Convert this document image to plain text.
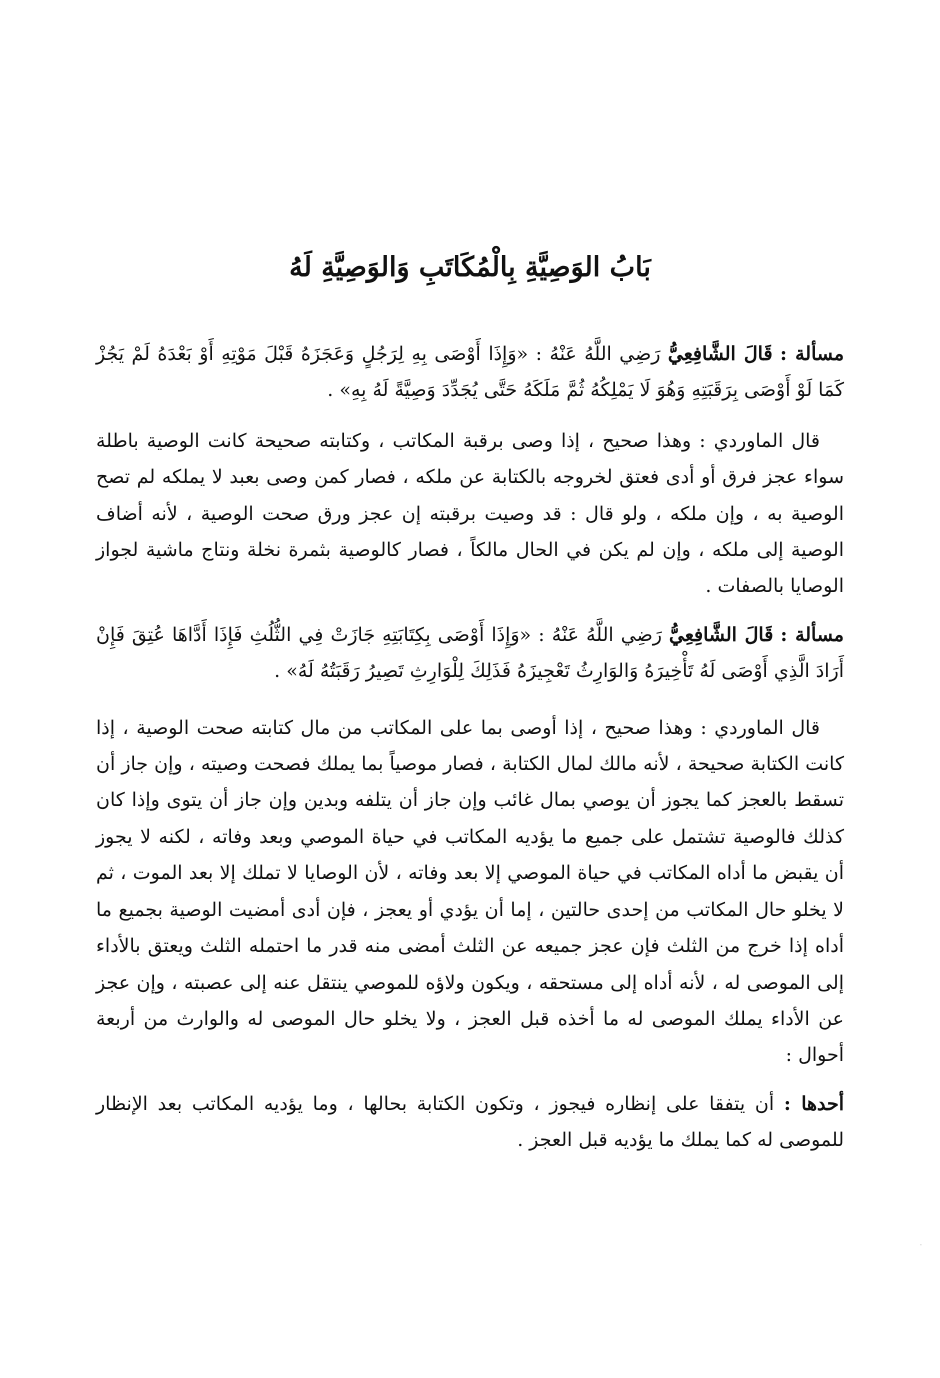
بَابُ الوَصِيَّةِ بِالْمُكَاتَبِ وَالوَصِيَّةِ لَهُ

مسألة : قَالَ الشَّافِعِيُّ رَضِي اللَّهُ عَنْهُ : «وَإِذَا أَوْصَى بِهِ لِرَجُلٍ وَعَجَزَهُ قَبْلَ مَوْتِهِ أَوْ بَعْدَهُ لَمْ يَجُزْ كَمَا لَوْ أَوْصَى بِرَقَبَتِهِ وَهُوَ لَا يَمْلِكُهُ ثُمَّ مَلَكَهُ حَتَّى يُجَدِّدَ وَصِيَّةً لَهُ بِهِ» .

قال الماوردي : وهذا صحيح ، إذا وصى برقبة المكاتب ، وكتابته صحيحة كانت الوصية باطلة سواء عجز فرق أو أدى فعتق لخروجه بالكتابة عن ملكه ، فصار كمن وصى بعبد لا يملكه لم تصح الوصية به ، وإن ملكه ، ولو قال : قد وصيت برقبته إن عجز ورق صحت الوصية ، لأنه أضاف الوصية إلى ملكه ، وإن لم يكن في الحال مالكاً ، فصار كالوصية بثمرة نخلة ونتاج ماشية لجواز الوصايا بالصفات .

مسألة : قَالَ الشَّافِعِيُّ رَضِي اللَّهُ عَنْهُ : «وَإِذَا أَوْصَى بِكِتَابَتِهِ جَازَتْ فِي الثُّلُثِ فَإِذَا أَدَّاهَا عُتِقَ فَإِنْ أَرَادَ الَّذِي أَوْصَى لَهُ تَأْخِيرَهُ وَالوَارِثُ تَعْجِيزَهُ فَذَلِكَ لِلْوَارِثِ تَصِيرُ رَقَبَتُهُ لَهُ» .

قال الماوردي : وهذا صحيح ، إذا أوصى بما على المكاتب من مال كتابته صحت الوصية ، إذا كانت الكتابة صحيحة ، لأنه مالك لمال الكتابة ، فصار موصياً بما يملك فصحت وصيته ، وإن جاز أن تسقط بالعجز كما يجوز أن يوصي بمال غائب وإن جاز أن يتلفه وبدين وإن جاز أن يتوى وإذا كان كذلك فالوصية تشتمل على جميع ما يؤديه المكاتب في حياة الموصي وبعد وفاته ، لكنه لا يجوز أن يقبض ما أداه المكاتب في حياة الموصي إلا بعد وفاته ، لأن الوصايا لا تملك إلا بعد الموت ، ثم لا يخلو حال المكاتب من إحدى حالتين ، إما أن يؤدي أو يعجز ، فإن أدى أمضيت الوصية بجميع ما أداه إذا خرج من الثلث فإن عجز جميعه عن الثلث أمضى منه قدر ما احتمله الثلث ويعتق بالأداء إلى الموصى له ، لأنه أداه إلى مستحقه ، ويكون ولاؤه للموصي ينتقل عنه إلى عصبته ، وإن عجز عن الأداء يملك الموصى له ما أخذه قبل العجز ، ولا يخلو حال الموصى له والوارث من أربعة أحوال :

أحدها : أن يتفقا على إنظاره فيجوز ، وتكون الكتابة بحالها ، وما يؤديه المكاتب بعد الإنظار للموصى له كما يملك ما يؤديه قبل العجز .

۰
